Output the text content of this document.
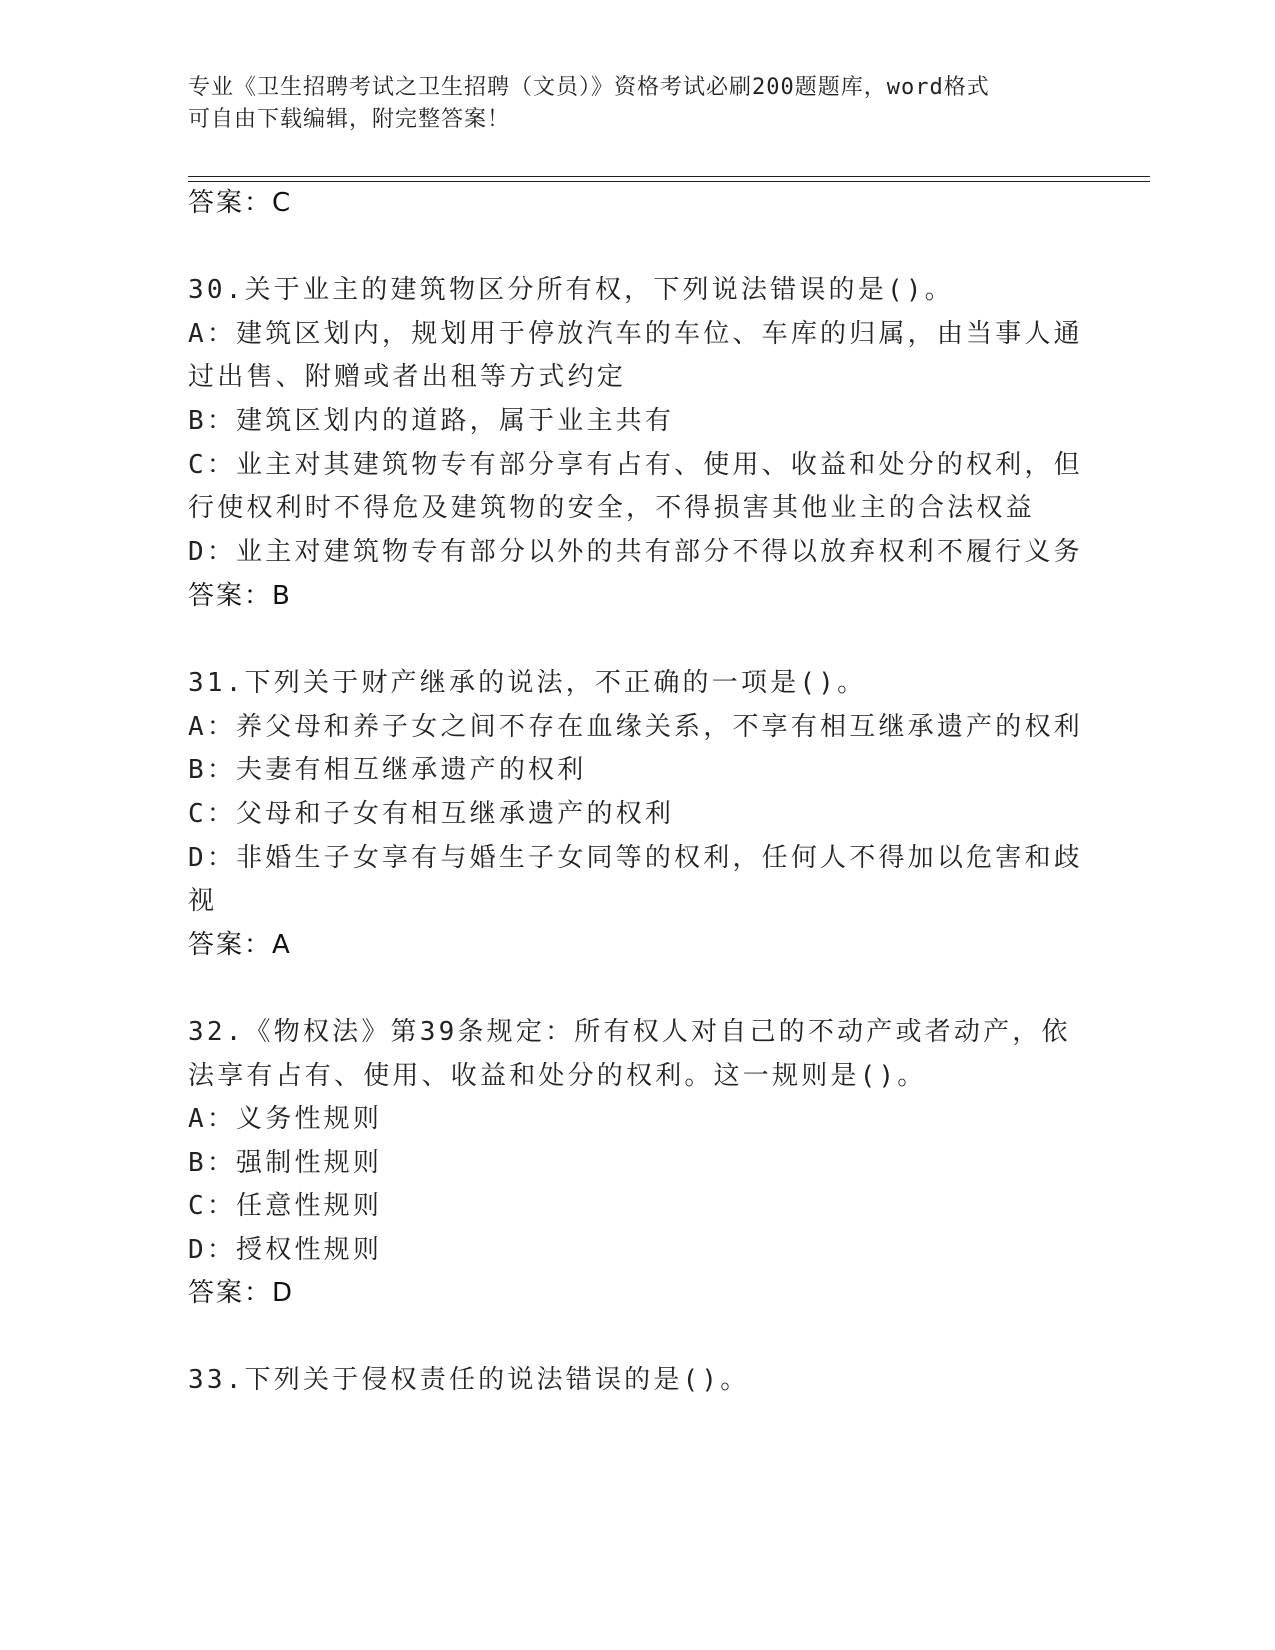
专业《卫生招聘考试之卫生招聘（文员）》资格考试必刷200题题库，word格式

可自由下载编辑，附完整答案！

答案：C
30.关于业主的建筑物区分所有权，下列说法错误的是()。
A：建筑区划内，规划用于停放汽车的车位、车库的归属，由当事人通
过出售、附赠或者出租等方式约定
B：建筑区划内的道路，属于业主共有
C：业主对其建筑物专有部分享有占有、使用、收益和处分的权利，但
行使权利时不得危及建筑物的安全，不得损害其他业主的合法权益
D：业主对建筑物专有部分以外的共有部分不得以放弃权利不履行义务
答案：B
31.下列关于财产继承的说法，不正确的一项是()。
A：养父母和养子女之间不存在血缘关系，不享有相互继承遗产的权利
B：夫妻有相互继承遗产的权利
C：父母和子女有相互继承遗产的权利
D：非婚生子女享有与婚生子女同等的权利，任何人不得加以危害和歧
视
答案：A
32.《物权法》第39条规定：所有权人对自己的不动产或者动产，依
法享有占有、使用、收益和处分的权利。这一规则是()。
A：义务性规则
B：强制性规则
C：任意性规则
D：授权性规则
答案：D
33.下列关于侵权责任的说法错误的是()。
